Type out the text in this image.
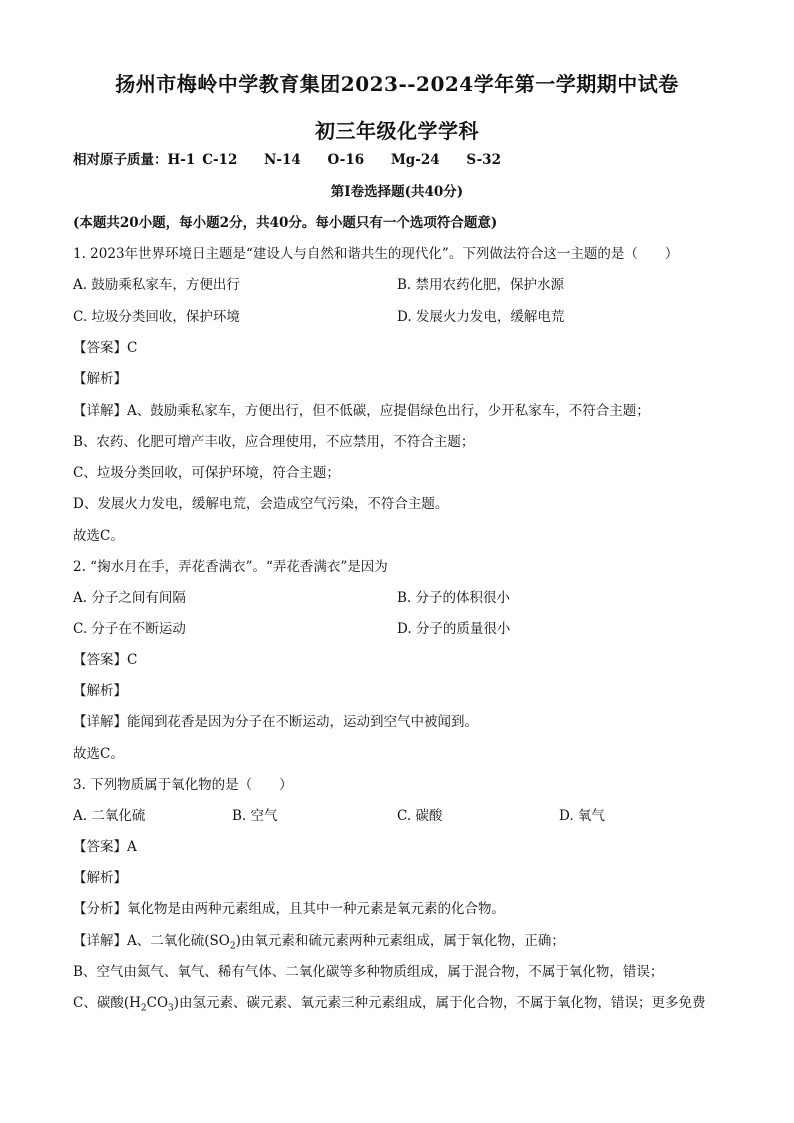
扬州市梅岭中学教育集团2023--2024学年第一学期期中试卷
初三年级化学学科
相对原子质量：H-1 C-12 N-14 O-16 Mg-24 S-32
第Ⅰ卷选择题(共40分)
(本题共20小题，每小题2分，共40分。每小题只有一个选项符合题意)
1. 2023年世界环境日主题是“建设人与自然和谐共生的现代化”。下列做法符合这一主题的是（　　）
A. 鼓励乘私家车，方便出行	B. 禁用农药化肥，保护水源
C. 垃圾分类回收，保护环境	D. 发展火力发电，缓解电荒
【答案】C
【解析】
【详解】A、鼓励乘私家车，方便出行，但不低碳，应提倡绿色出行，少开私家车，不符合主题；
B、农药、化肥可增产丰收，应合理使用，不应禁用，不符合主题；
C、垃圾分类回收，可保护环境，符合主题；
D、发展火力发电，缓解电荒，会造成空气污染，不符合主题。
故选C。
2. “掬水月在手，弄花香满衣”。“弄花香满衣”是因为
A. 分子之间有间隔	B. 分子的体积很小
C. 分子在不断运动	D. 分子的质量很小
【答案】C
【解析】
【详解】能闻到花香是因为分子在不断运动，运动到空气中被闻到。
故选C。
3. 下列物质属于氧化物的是（　　）
A. 二氧化硫	B. 空气	C. 碳酸	D. 氧气
【答案】A
【解析】
【分析】氧化物是由两种元素组成，且其中一种元素是氧元素的化合物。
【详解】A、二氧化硫$(SO_2)$由氧元素和硫元素两种元素组成，属于氧化物，正确；
B、空气由氮气、氧气、稀有气体、二氧化碳等多种物质组成，属于混合物，不属于氧化物，错误；
C、碳酸$(H_2CO_3)$由氢元素、碳元素、氧元素三种元素组成，属于化合物，不属于氧化物，错误；更多免费
